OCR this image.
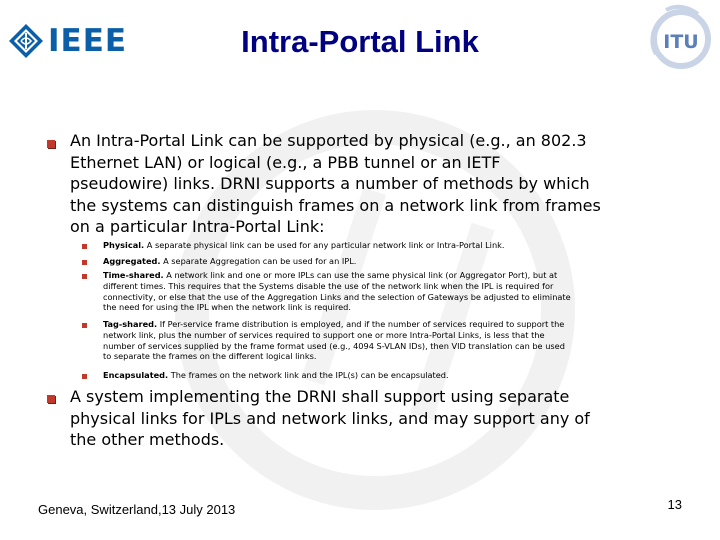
IEEE	Intra-Portal Link	ITU

An Intra-Portal Link can be supported by physical (e.g., an 802.3
Ethernet LAN) or logical (e.g., a PBB tunnel or an IETF
pseudowire) links. DRNI supports a number of methods by which
the systems can distinguish frames on a network link from frames
on a particular Intra-Portal Link:

Physical. A separate physical link can be used for any particular network link or Intra-Portal Link.

Aggregated. A separate Aggregation can be used for an IPL.

Time-shared. A network link and one or more IPLs can use the same physical link (or Aggregator Port), but at
different times. This requires that the Systems disable the use of the network link when the IPL is required for
connectivity, or else that the use of the Aggregation Links and the selection of Gateways be adjusted to eliminate
the need for using the IPL when the network link is required.

Tag-shared. If Per-service frame distribution is employed, and if the number of services required to support the
network link, plus the number of services required to support one or more Intra-Portal Links, is less that the
number of services supplied by the frame format used (e.g., 4094 S-VLAN IDs), then VID translation can be used
to separate the frames on the different logical links.

Encapsulated. The frames on the network link and the IPL(s) can be encapsulated.

A system implementing the DRNI shall support using separate
physical links for IPLs and network links, and may support any of
the other methods.

Geneva, Switzerland,13 July 2013	13
